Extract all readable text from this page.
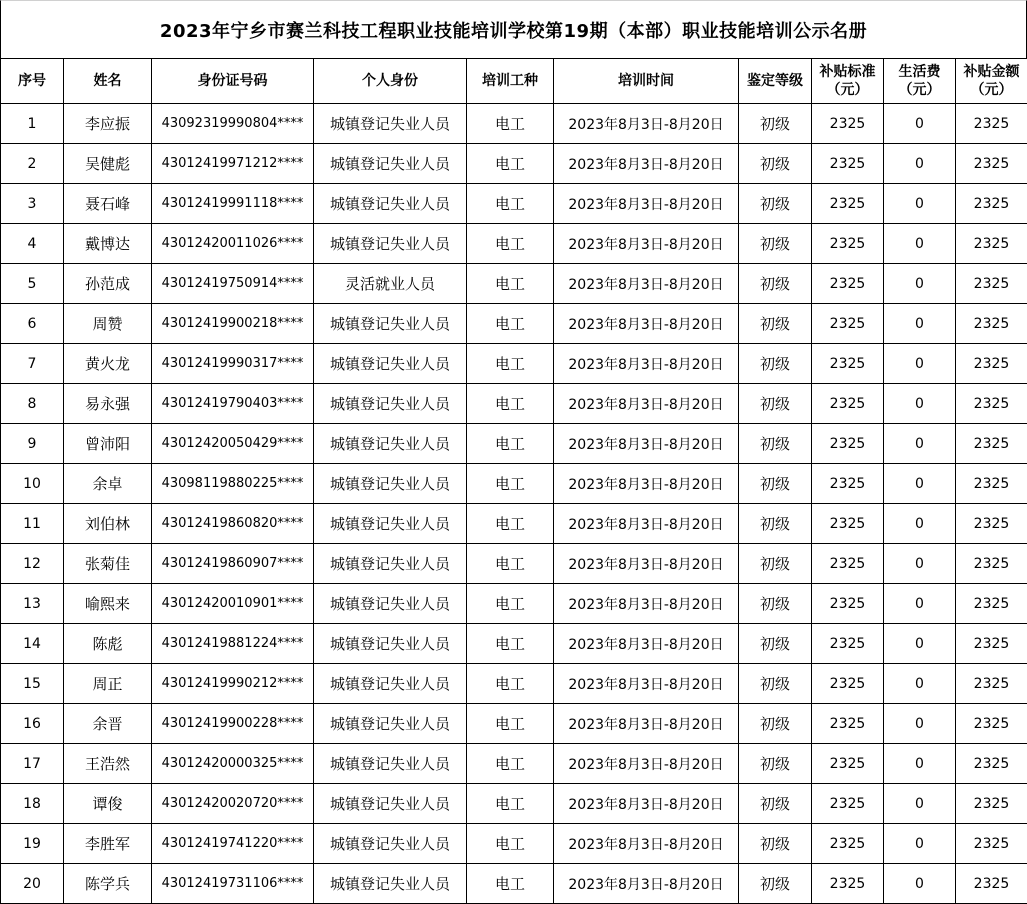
2023年宁乡市赛兰科技工程职业技能培训学校第19期（本部）职业技能培训公示名册
序号	姓名	身份证号码	个人身份	培训工种	培训时间	鉴定等级	补贴标准（元）	生活费（元）	补贴金额（元）
1	李应振	43092319990804****	城镇登记失业人员	电工	2023年8月3日-8月20日	初级	2325	0	2325
2	吴健彪	43012419971212****	城镇登记失业人员	电工	2023年8月3日-8月20日	初级	2325	0	2325
3	聂石峰	43012419991118****	城镇登记失业人员	电工	2023年8月3日-8月20日	初级	2325	0	2325
4	戴博达	43012420011026****	城镇登记失业人员	电工	2023年8月3日-8月20日	初级	2325	0	2325
5	孙范成	43012419750914****	灵活就业人员	电工	2023年8月3日-8月20日	初级	2325	0	2325
6	周赞	43012419900218****	城镇登记失业人员	电工	2023年8月3日-8月20日	初级	2325	0	2325
7	黄火龙	43012419990317****	城镇登记失业人员	电工	2023年8月3日-8月20日	初级	2325	0	2325
8	易永强	43012419790403****	城镇登记失业人员	电工	2023年8月3日-8月20日	初级	2325	0	2325
9	曾沛阳	43012420050429****	城镇登记失业人员	电工	2023年8月3日-8月20日	初级	2325	0	2325
10	余卓	43098119880225****	城镇登记失业人员	电工	2023年8月3日-8月20日	初级	2325	0	2325
11	刘伯林	43012419860820****	城镇登记失业人员	电工	2023年8月3日-8月20日	初级	2325	0	2325
12	张菊佳	43012419860907****	城镇登记失业人员	电工	2023年8月3日-8月20日	初级	2325	0	2325
13	喻熙来	43012420010901****	城镇登记失业人员	电工	2023年8月3日-8月20日	初级	2325	0	2325
14	陈彪	43012419881224****	城镇登记失业人员	电工	2023年8月3日-8月20日	初级	2325	0	2325
15	周正	43012419990212****	城镇登记失业人员	电工	2023年8月3日-8月20日	初级	2325	0	2325
16	余晋	43012419900228****	城镇登记失业人员	电工	2023年8月3日-8月20日	初级	2325	0	2325
17	王浩然	43012420000325****	城镇登记失业人员	电工	2023年8月3日-8月20日	初级	2325	0	2325
18	谭俊	43012420020720****	城镇登记失业人员	电工	2023年8月3日-8月20日	初级	2325	0	2325
19	李胜军	43012419741220****	城镇登记失业人员	电工	2023年8月3日-8月20日	初级	2325	0	2325
20	陈学兵	43012419731106****	城镇登记失业人员	电工	2023年8月3日-8月20日	初级	2325	0	2325
